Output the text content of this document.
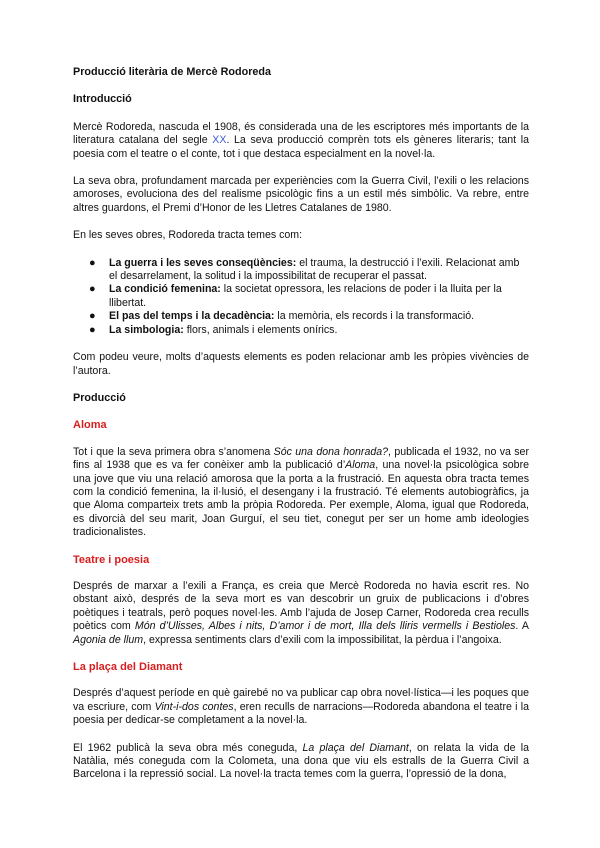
Producció literària de Mercè Rodoreda
Introducció

Mercè Rodoreda, nascuda el 1908, és considerada una de les escriptores més importants de la literatura catalana del segle XX. La seva producció comprèn tots els gèneres literaris; tant la poesia com el teatre o el conte, tot i que destaca especialment en la novel·la.

La seva obra, profundament marcada per experiències com la Guerra Civil, l’exili o les relacions amoroses, evoluciona des del realisme psicològic fins a un estil més simbòlic. Va rebre, entre altres guardons, el Premi d’Honor de les Lletres Catalanes de 1980.

En les seves obres, Rodoreda tracta temes com:

● La guerra i les seves conseqüències: el trauma, la destrucció i l’exili. Relacionat amb el desarrelament, la solitud i la impossibilitat de recuperar el passat.
● La condició femenina: la societat opressora, les relacions de poder i la lluita per la llibertat.
● El pas del temps i la decadència: la memòria, els records i la transformació.
● La simbologia: flors, animals i elements onírics.

Com podeu veure, molts d’aquests elements es poden relacionar amb les pròpies vivències de l’autora.

Producció
Aloma

Tot i que la seva primera obra s’anomena Sóc una dona honrada?, publicada el 1932, no va ser fins al 1938 que es va fer conèixer amb la publicació d’Aloma, una novel·la psicològica sobre una jove que viu una relació amorosa que la porta a la frustració. En aquesta obra tracta temes com la condició femenina, la il·lusió, el desengany i la frustració. Té elements autobiogràfics, ja que Aloma comparteix trets amb la pròpia Rodoreda. Per exemple, Aloma, igual que Rodoreda, es divorcià del seu marit, Joan Gurguí, el seu tiet, conegut per ser un home amb ideologies tradicionalistes.

Teatre i poesia

Després de marxar a l’exili a França, es creia que Mercè Rodoreda no havia escrit res. No obstant això, després de la seva mort es van descobrir un gruix de publicacions i d’obres poètiques i teatrals, però poques novel·les. Amb l’ajuda de Josep Carner, Rodoreda crea reculls poètics com Món d’Ulisses, Albes i nits, D’amor i de mort, Illa dels lliris vermells i Bestioles. A Agonia de llum, expressa sentiments clars d’exili com la impossibilitat, la pèrdua i l’angoixa.

La plaça del Diamant

Després d’aquest període en què gairebé no va publicar cap obra novel·lística—i les poques que va escriure, com Vint-i-dos contes, eren reculls de narracions—Rodoreda abandona el teatre i la poesia per dedicar-se completament a la novel·la.

El 1962 publicà la seva obra més coneguda, La plaça del Diamant, on relata la vida de la Natàlia, més coneguda com la Colometa, una dona que viu els estralls de la Guerra Civil a Barcelona i la repressió social. La novel·la tracta temes com la guerra, l’opressió de la dona,
